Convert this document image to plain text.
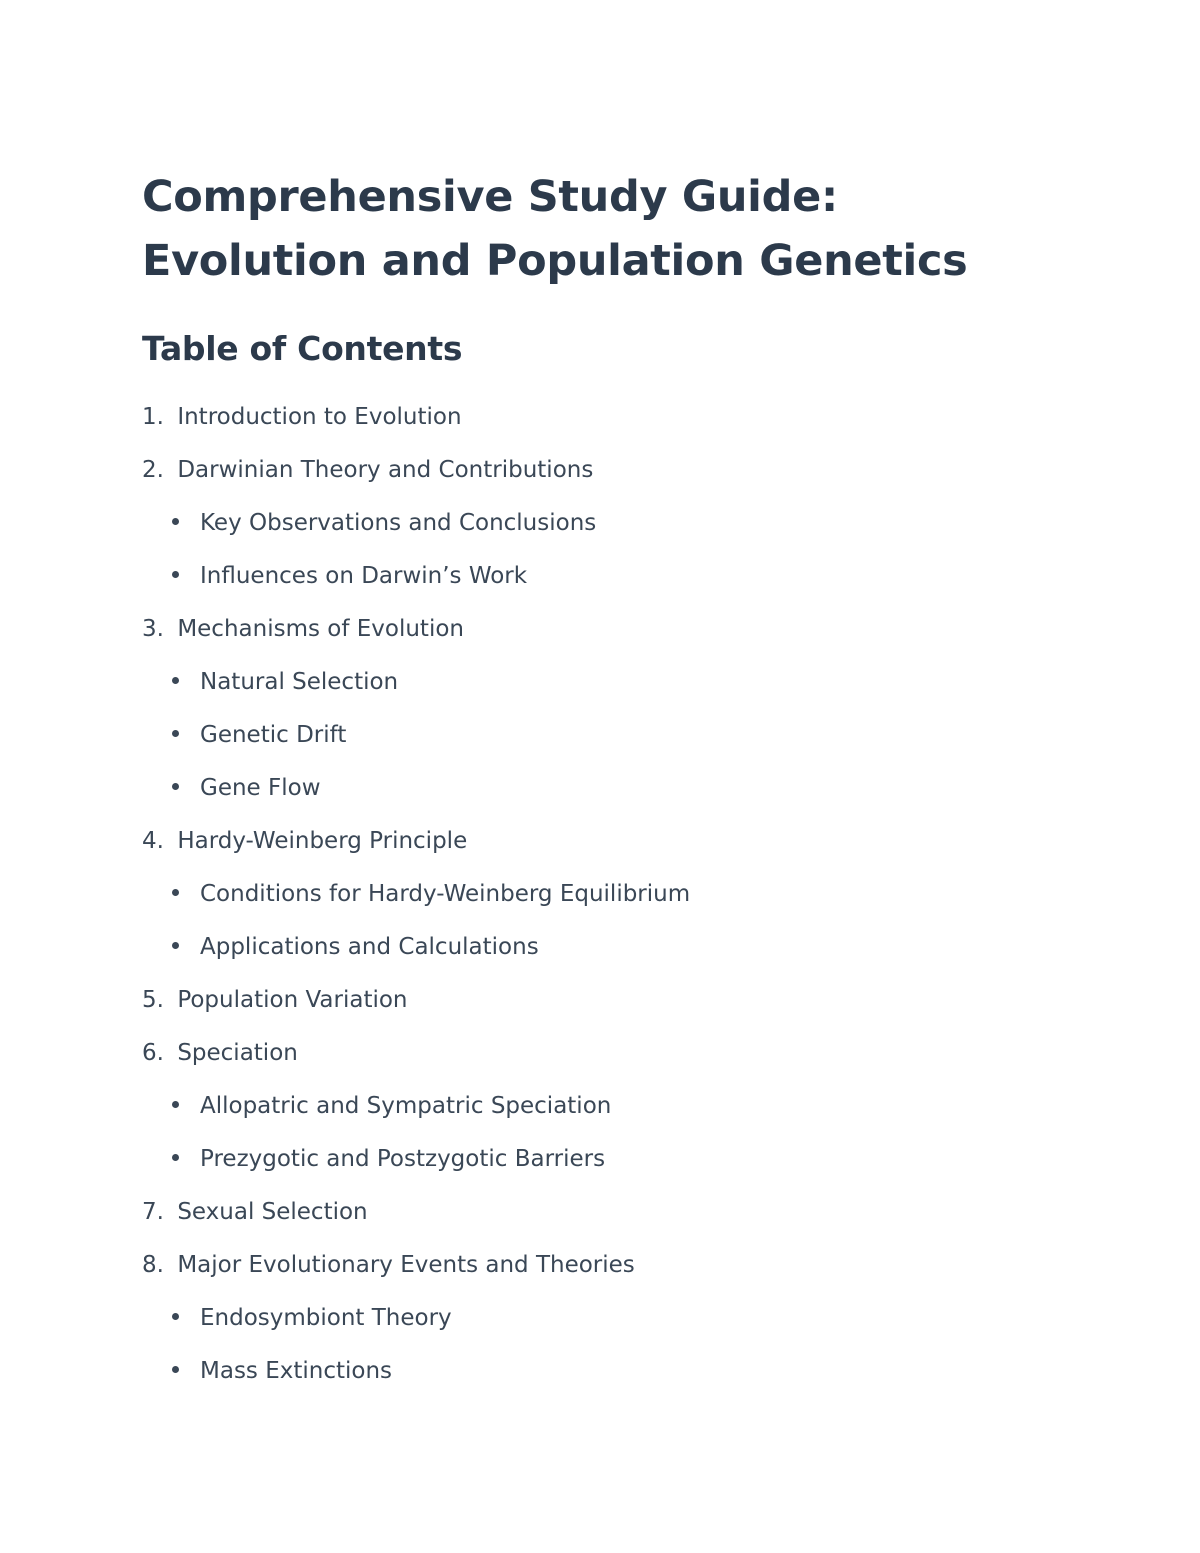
Comprehensive Study Guide: Evolution and Population Genetics
Table of Contents
1. Introduction to Evolution
2. Darwinian Theory and Contributions
Key Observations and Conclusions
Influences on Darwin’s Work
3. Mechanisms of Evolution
Natural Selection
Genetic Drift
Gene Flow
4. Hardy-Weinberg Principle
Conditions for Hardy-Weinberg Equilibrium
Applications and Calculations
5. Population Variation
6. Speciation
Allopatric and Sympatric Speciation
Prezygotic and Postzygotic Barriers
7. Sexual Selection
8. Major Evolutionary Events and Theories
Endosymbiont Theory
Mass Extinctions
